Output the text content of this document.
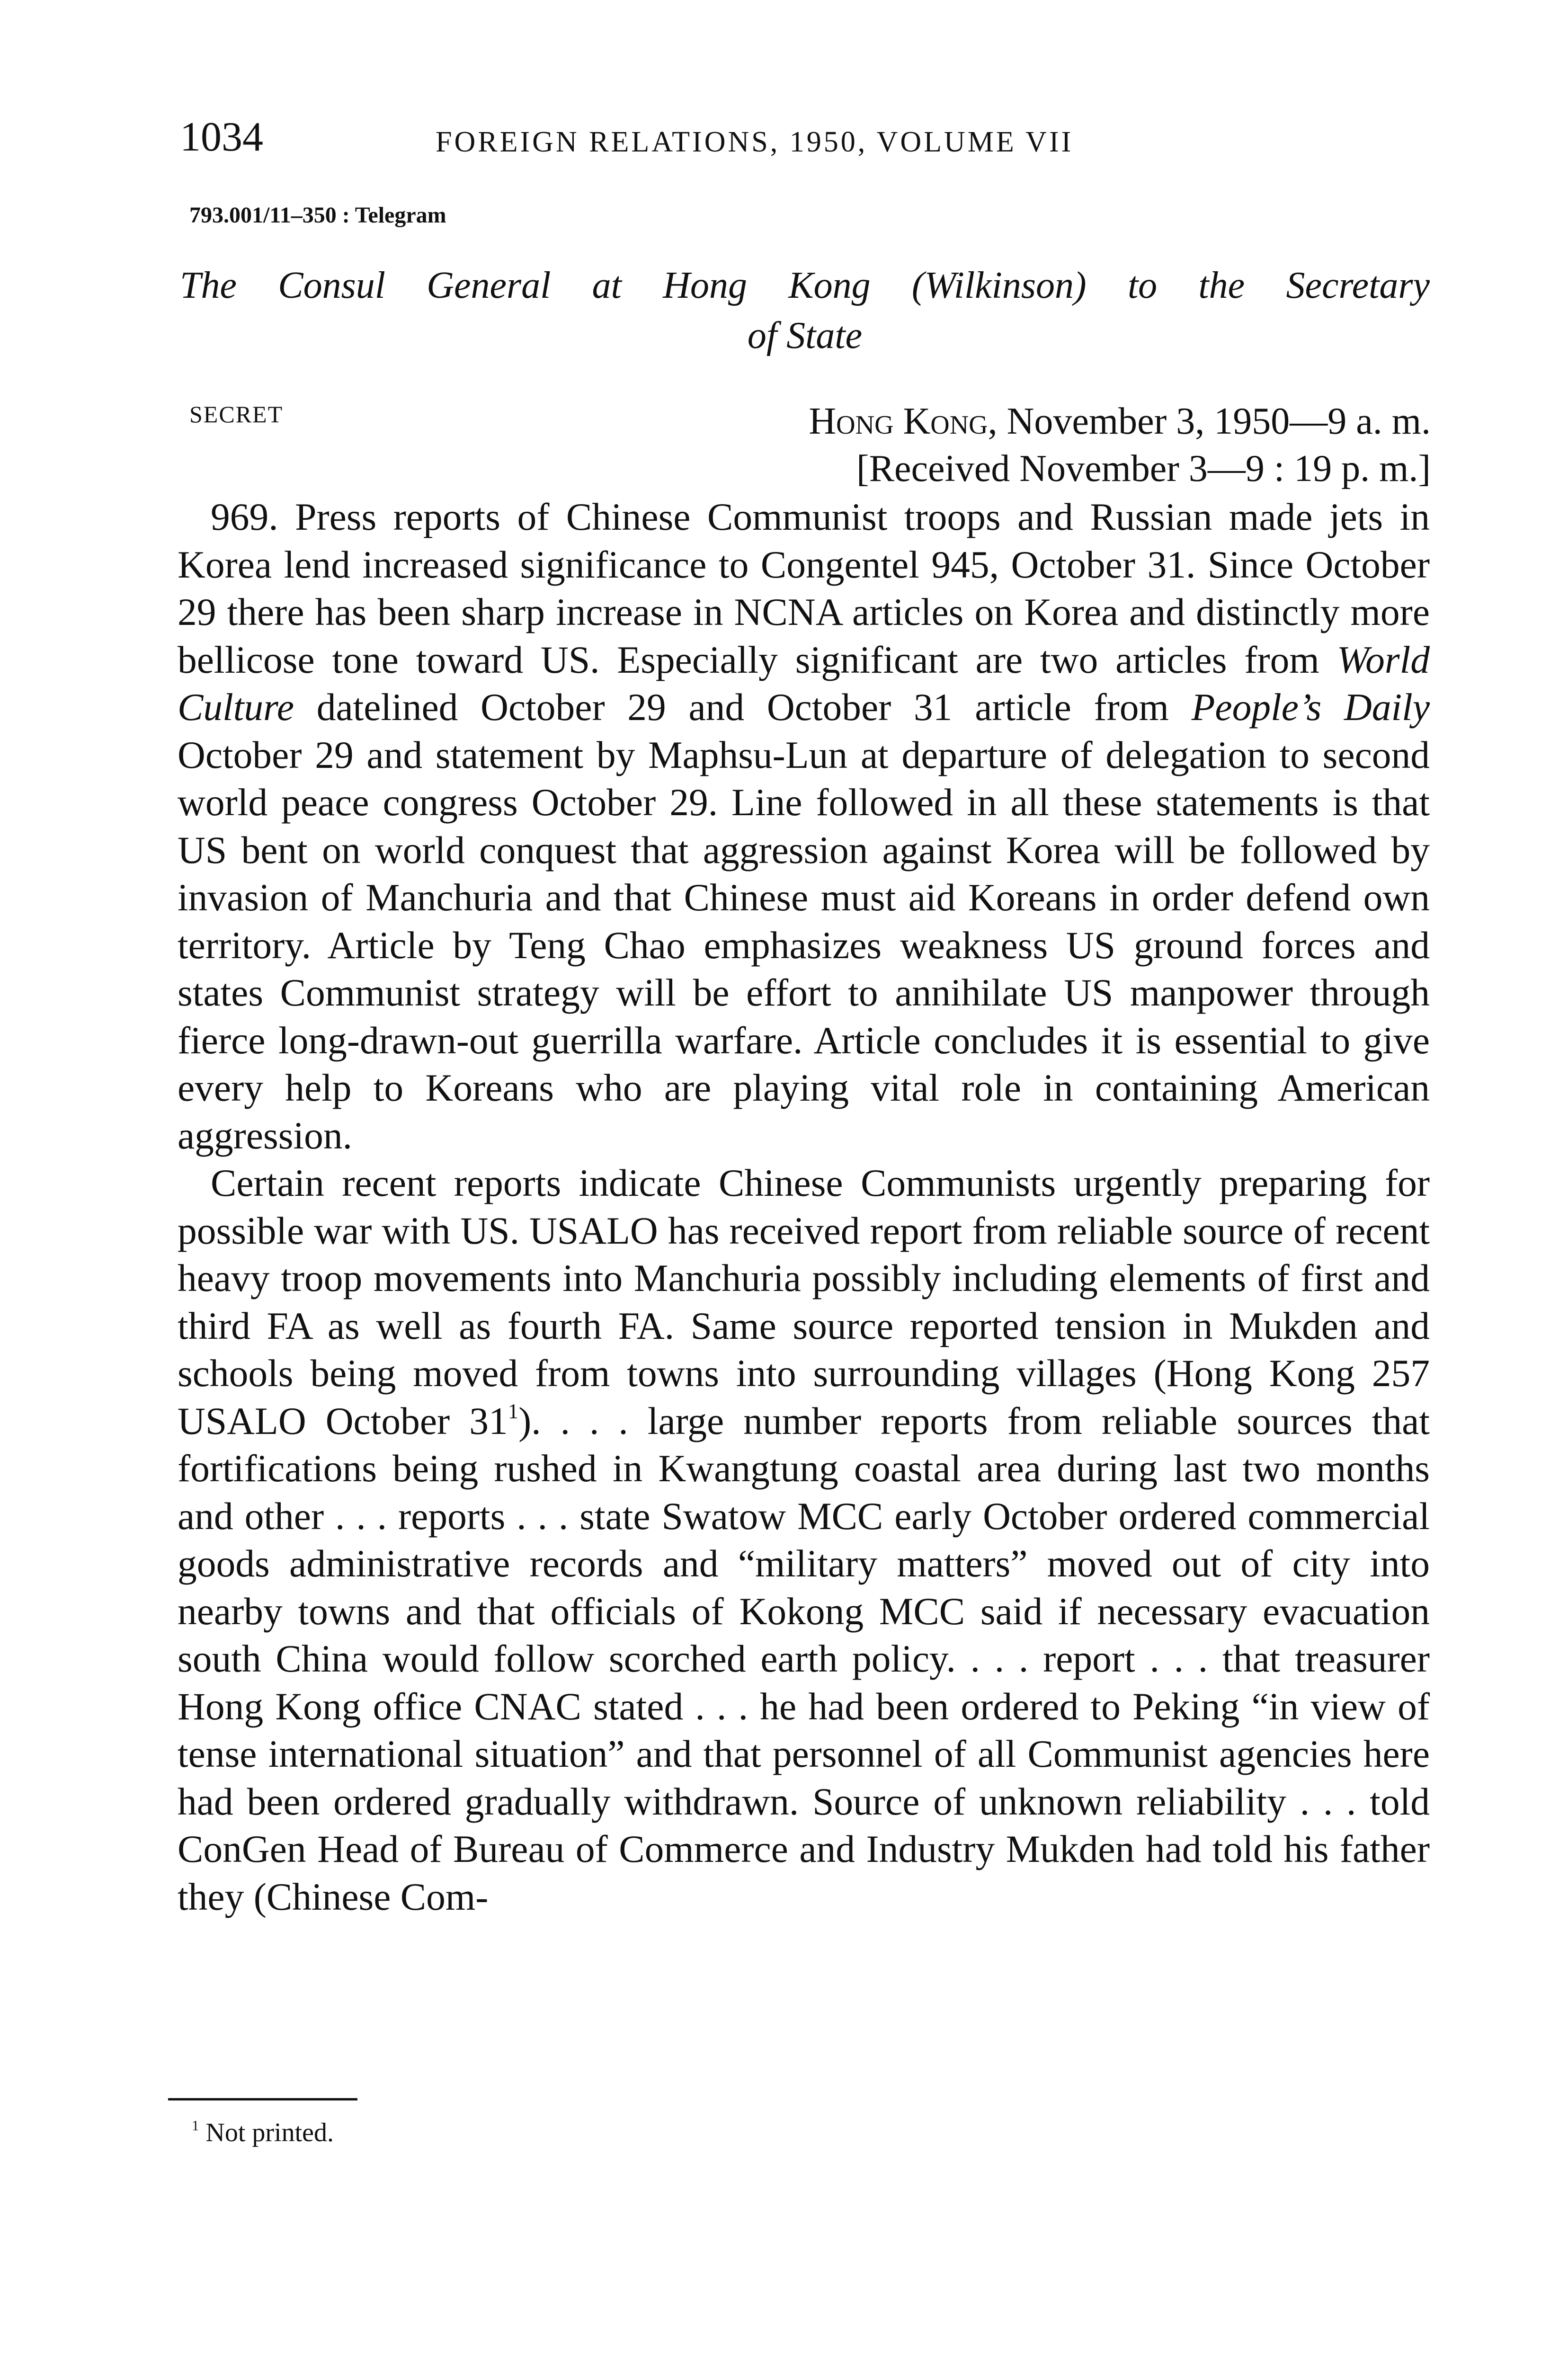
1034	FOREIGN RELATIONS, 1950, VOLUME VII
793.001/11–350 : Telegram
The Consul General at Hong Kong (Wilkinson) to the Secretary
of State
SECRET	Hong Kong, November 3, 1950—9 a. m.
[Received November 3—9 : 19 p. m.]

969. Press reports of Chinese Communist troops and Russian made jets in Korea lend increased significance to Congentel 945, October 31. Since October 29 there has been sharp increase in NCNA articles on Korea and distinctly more bellicose tone toward US. Especially significant are two articles from World Culture datelined October 29 and October 31 article from People’s Daily October 29 and statement by Maphsu-Lun at departure of delegation to second world peace congress October 29. Line followed in all these statements is that US bent on world conquest that aggression against Korea will be followed by invasion of Manchuria and that Chinese must aid Koreans in order defend own territory. Article by Teng Chao emphasizes weakness US ground forces and states Communist strategy will be effort to annihilate US manpower through fierce long-drawn-out guerrilla warfare. Article concludes it is essential to give every help to Koreans who are playing vital role in containing American aggression.

Certain recent reports indicate Chinese Communists urgently preparing for possible war with US. USALO has received report from reliable source of recent heavy troop movements into Manchuria possibly including elements of first and third FA as well as fourth FA. Same source reported tension in Mukden and schools being moved from towns into surrounding villages (Hong Kong 257 USALO October $31^1$). . . . large number reports from reliable sources that fortifications being rushed in Kwangtung coastal area during last two months and other . . . reports . . . state Swatow MCC early October ordered commercial goods administrative records and “military matters” moved out of city into nearby towns and that officials of Kokong MCC said if necessary evacuation south China would follow scorched earth policy. . . . report . . . that treasurer Hong Kong office CNAC stated . . . he had been ordered to Peking “in view of tense international situation” and that personnel of all Communist agencies here had been ordered gradually withdrawn. Source of unknown reliability . . . told ConGen Head of Bureau of Commerce and Industry Mukden had told his father they (Chinese Com-

$^1$ Not printed.
